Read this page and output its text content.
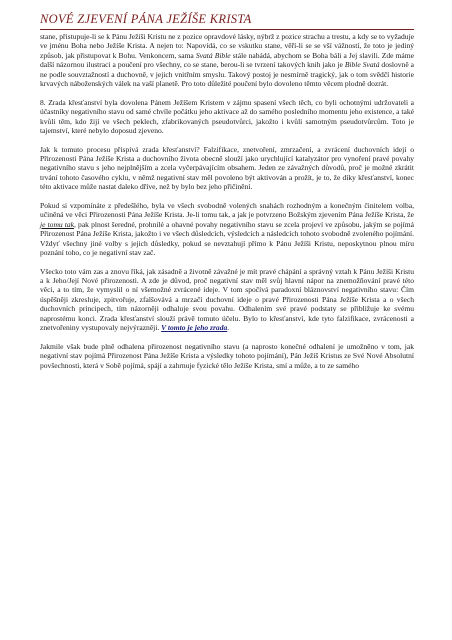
NOVÉ ZJEVENÍ PÁNA JEŽÍŠE KRISTA

stane, přistupuje-li se k Pánu Ježíši Kristu ne z pozice opravdové lásky, nýbrž z pozice strachu a trestu, a kdy se to vyžaduje ve jménu Boha nebo Ježíše Krista. A nejen to: Napovídá, co se vskutku stane, věří-li se se vší vážností, že toto je jediný způsob, jak přistupovat k Bohu. Venkoncem, sama Svatá Bible stále nabádá, abychom se Boha báli a Jej slavili. Zde máme další názornou ilustraci a poučení pro všechny, co se stane, berou-li se tvrzení takových knih jako je Bible Svatá doslovně a ne podle souvztažností a duchovně, v jejich vnitřním smyslu. Takový postoj je nesmírně tragický, jak o tom svědčí historie krvavých náboženských válek na vaší planetě. Pro toto důležité poučení bylo dovoleno těmto věcem plodně dozrát.

8. Zrada křesťanství byla dovolena Pánem Ježíšem Kristem v zájmu spasení všech těch, co byli ochotnými udržovateli a účastníky negativního stavu od samé chvíle počátku jeho aktivace až do samého posledního momentu jeho existence, a také kvůli těm, kdo žijí ve všech peklech, zfabrikovaných pseudotvůrci, jakožto i kvůli samotným pseudotvůrcům. Toto je tajemství, které nebylo doposud zjeveno.

Jak k tomuto procesu přispívá zrada křesťanství? Falzifikace, znetvoření, zmrzačení, a zvrácení duchovních idejí o Přirozenosti Pána Ježíše Krista a duchovního života obecně slouží jako urychlující katalyzátor pro vynoření pravé povahy negativního stavu s jeho nejplnějším a zcela vyčerpávajícím obsahem. Jeden ze závažných důvodů, proč je možné zkrátit trvání tohoto časového cyklu, v němž negativní stav měl povoleno být aktivován a prožít, je to, že díky křesťanství, konec této aktivace může nastat daleko dříve, než by bylo bez jeho přičinění.

Pokud si vzpomínáte z předešlého, byla ve všech svobodně volených snahách rozhodným a konečným činitelem volba, učiněná ve věci Přirozenosti Pána Ježíše Krista. Je-li tomu tak, a jak je potvrzeno Božským zjevením Pána Ježíše Krista, že je tomu tak, pak plnost šeredné, prohnilé a ohavné povahy negativního stavu se zcela projeví ve způsobu, jakým se pojímá Přirozenost Pána Ježíše Krista, jakožto i ve všech důsledcích, výsledcích a následcích tohoto svobodně zvoleného pojímání. Vždyť všechny jiné volby s jejich důsledky, pokud se nevztahují přímo k Pánu Ježíši Kristu, neposkytnou plnou míru poznání toho, co je negativní stav zač.

Všecko toto vám zas a znovu říká, jak zásadně a životně závažné je mít pravé chápání a správný vztah k Pánu Ježíši Kristu a k Jeho/Její Nové přirozenosti. A zde je důvod, proč negativní stav měl svůj hlavní nápor na znemožňování pravé této věci, a to tím, že vymyslil o ní všemožné zvrácené ideje. V tom spočívá paradoxní bláznovství negativního stavu: Čím úspěšněji zkresluje, zpitvořuje, zfalšovává a mrzačí duchovní ideje o pravé Přirozenosti Pána Ježíše Krista a o všech duchovních principech, tím názorněji odhaluje svou povahu. Odhalením své pravé podstaty se přibližuje ke svému naprostému konci. Zrada křesťanství slouží právě tomuto účelu. Bylo to křesťanství, kde tyto falzifikace, zvrácenosti a znetvořeniny vystupovaly nejvýrazněji. V tomto je jeho zrada.

Jakmile však bude plně odhalena přirozenost negativního stavu (a naprosto konečné odhalení je umožněno v tom, jak negativní stav pojímá Přirozenost Pána Ježíše Krista a výsledky tohoto pojímání), Pán Ježíš Kristus ze Své Nové Absolutní povšechnosti, která v Sobě pojímá, spájí a zahrnuje fyzické tělo Ježíše Krista, smí a může, a to ze samého
